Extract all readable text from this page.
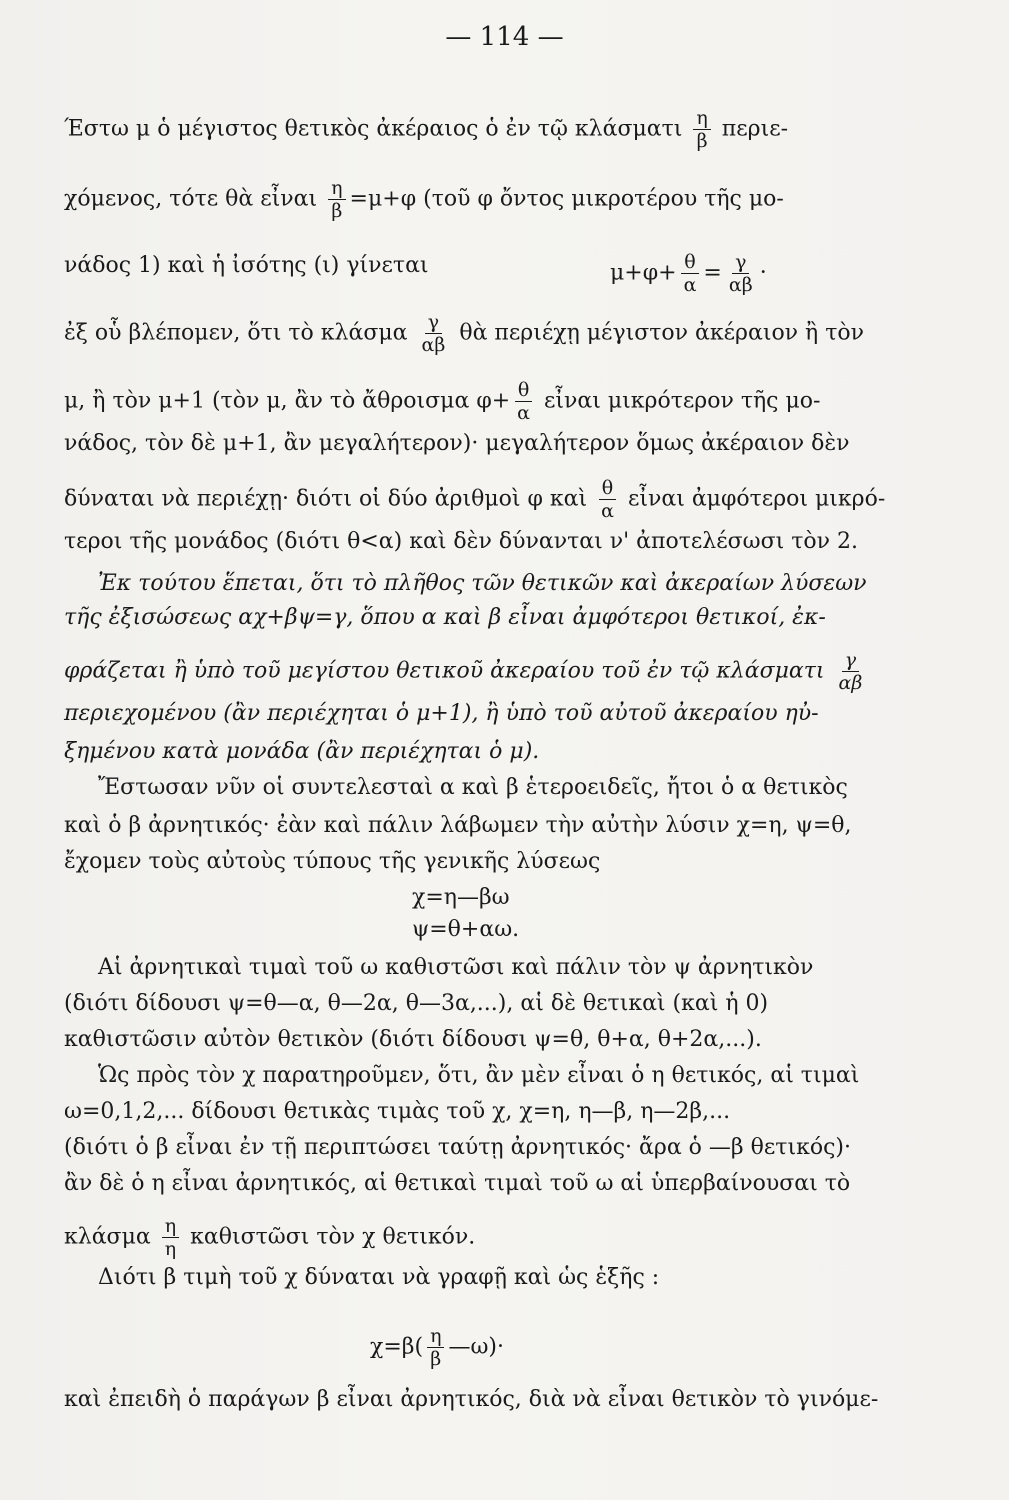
— 114 —
Έστω μ ὁ μέγιστος θετικὸς ἀκέραιος ὁ ἐν τῷ κλάσματι $\frac{\eta}{\beta} \pi\varepsilon\rho\iota\varepsilon-$
χόμενος, τότε θὰ εἶναι $\frac{\eta}{\beta} =\mu+\varphi$ (τοῦ φ ὄντος μικροτέρου τῆς μο-
νάδος 1) καὶ ἡ ἰσότης (ι) γίνεται	$\mu+\varphi+ \frac{\theta}{\alpha} = \frac{\gamma}{\alpha\beta}$ ·
ἐξ οὗ βλέπομεν, ὅτι τὸ κλάσμα $\frac{\gamma}{\alpha\beta}$ θὰ περιέχῃ μέγιστον ἀκέραιον ἢ τὸν
μ, ἢ τὸν μ+1 (τὸν μ, ἂν τὸ ἄθροισμα $\varphi+ \frac{\theta}{\alpha}$ εἶναι μικρότερον τῆς μο-
νάδος, τὸν δὲ μ+1, ἂν μεγαλήτερον)· μεγαλήτερον ὅμως ἀκέραιον δὲν
δύναται νὰ περιέχῃ· διότι οἱ δύο ἀριθμοὶ φ καὶ $\frac{\theta}{\alpha}$ εἶναι ἀμφότεροι μικρό-
τεροι τῆς μονάδος (διότι θ<α) καὶ δὲν δύνανται ν' ἀποτελέσωσι τὸν 2.
Ἐκ τούτου ἕπεται, ὅτι τὸ πλῆθος τῶν θετικῶν καὶ ἀκεραίων λύσεων
τῆς ἐξισώσεως αχ+βψ=γ, ὅπου α καὶ β εἶναι ἀμφότεροι θετικοί, ἐκ-
φράζεται ἢ ὑπὸ τοῦ μεγίστου θετικοῦ ἀκεραίου τοῦ ἐν τῷ κλάσματι $\frac{\gamma}{\alpha\beta}$
περιεχομένου (ἂν περιέχηται ὁ μ+1), ἢ ὑπὸ τοῦ αὐτοῦ ἀκεραίου ηὐ-
ξημένου κατὰ μονάδα (ἂν περιέχηται ὁ μ).
Ἔστωσαν νῦν οἱ συντελεσταὶ α καὶ β ἑτεροειδεῖς, ἤτοι ὁ α θετικὸς
καὶ ὁ β ἀρνητικός· ἐὰν καὶ πάλιν λάβωμεν τὴν αὐτὴν λύσιν χ=η, ψ=θ,
ἔχομεν τοὺς αὐτοὺς τύπους τῆς γενικῆς λύσεως
χ=η—βω
ψ=θ+αω.
Αἱ ἀρνητικαὶ τιμαὶ τοῦ ω καθιστῶσι καὶ πάλιν τὸν ψ ἀρνητικὸν
(διότι δίδουσι ψ=θ—α, θ—2α, θ—3α,...), αἱ δὲ θετικαὶ (καὶ ἡ 0)
καθιστῶσιν αὐτὸν θετικὸν (διότι δίδουσι ψ=θ, θ+α, θ+2α,...).
Ὡς πρὸς τὸν χ παρατηροῦμεν, ὅτι, ἂν μὲν εἶναι ὁ η θετικός, αἱ τιμαὶ
ω=0,1,2,... δίδουσι θετικὰς τιμὰς τοῦ χ, χ=η, η—β, η—2β,...
(διότι ὁ β εἶναι ἐν τῇ περιπτώσει ταύτῃ ἀρνητικός· ἄρα ὁ —β θετικός)·
ἂν δὲ ὁ η εἶναι ἀρνητικός, αἱ θετικαὶ τιμαὶ τοῦ ω αἱ ὑπερβαίνουσαι τὸ
κλάσμα $\frac{\eta}{\eta}$ καθιστῶσι τὸν χ θετικόν.
Διότι β τιμὴ τοῦ χ δύναται νὰ γραφῇ καὶ ὡς ἑξῆς :
$\chi=\beta( \frac{\eta}{\beta}$ —ω)·
καὶ ἐπειδὴ ὁ παράγων β εἶναι ἀρνητικός, διὰ νὰ εἶναι θετικὸν τὸ γινόμε-
